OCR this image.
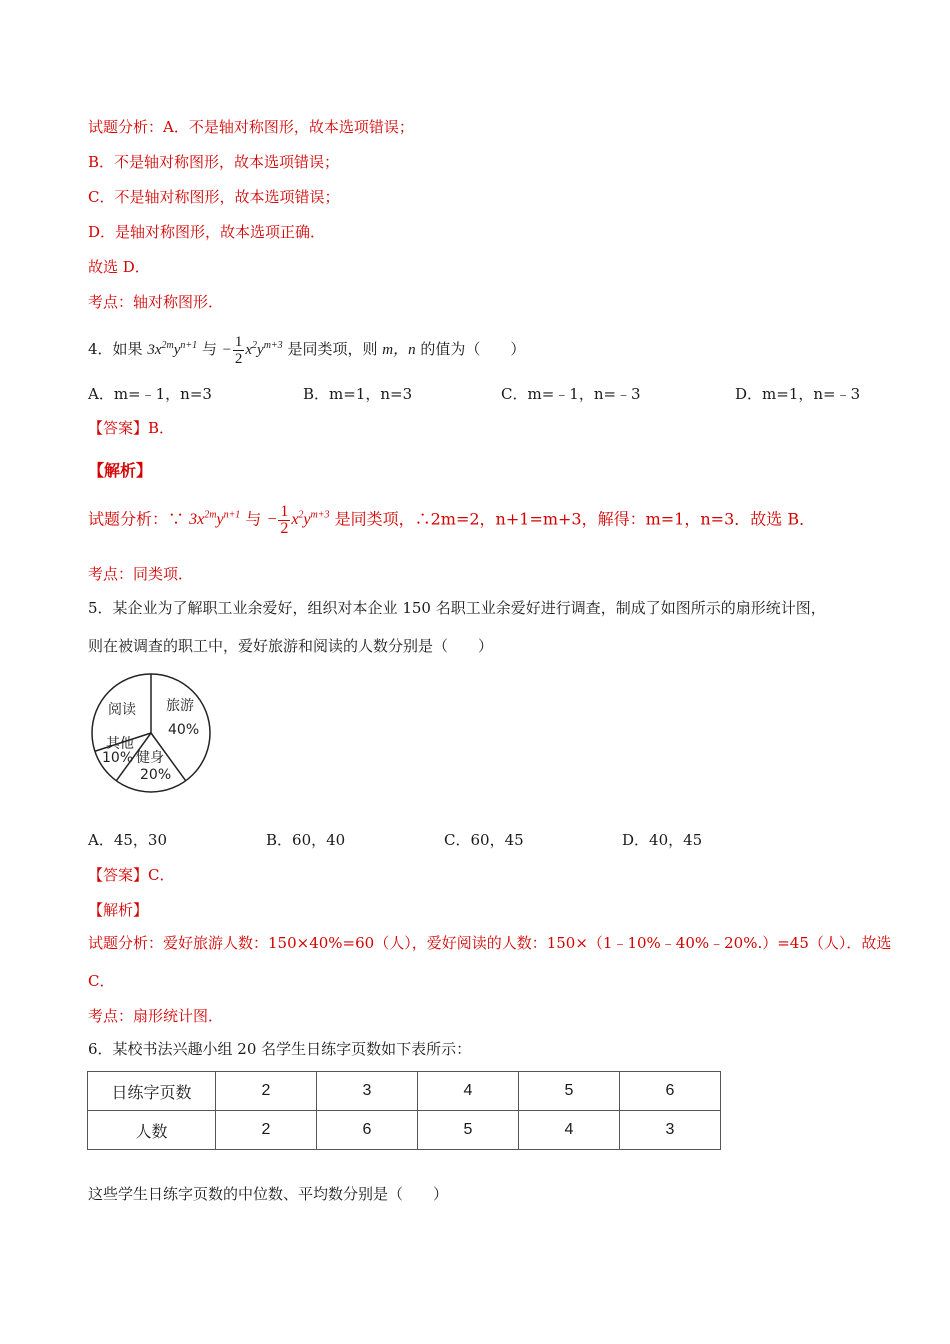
试题分析：A．不是轴对称图形，故本选项错误；
B．不是轴对称图形，故本选项错误；
C．不是轴对称图形，故本选项错误；
D．是轴对称图形，故本选项正确．
故选 D．
考点：轴对称图形．
4．如果 $3x^{2m}y^{n+1}$ 与 − $\frac{1}{2} x^2y^{m+3}$ 是同类项，则 m，n 的值为（　　）
A．m=﹣1，n=3	B．m=1，n=3	C．m=﹣1，n=﹣3	D．m=1，n=﹣3
【答案】B．
【解析】
试题分析：∵ $3x^{2m}y^{n+1}$ 与 − $\frac{1}{2} x^2y^{m+3}$ 是同类项，∴2m=2，n+1=m+3，解得：m=1，n=3．故选 B．
考点：同类项．
5．某企业为了解职工业余爱好，组织对本企业 150 名职工业余爱好进行调查，制成了如图所示的扇形统计图，
则在被调查的职工中，爱好旅游和阅读的人数分别是（　　）
阅读 旅游
40%
其他
10% 健身
20%
A．45，30	B．60，40	C．60，45	D．40，45
【答案】C．
【解析】
试题分析：爱好旅游人数：150×40%=60（人），爱好阅读的人数：150×（1﹣10%﹣40%﹣20%.）=45（人）．故选
C．
考点：扇形统计图．
6．某校书法兴趣小组 20 名学生日练字页数如下表所示：
日练字页数	2	3	4	5	6
人数	2	6	5	4	3
这些学生日练字页数的中位数、平均数分别是（　　）
